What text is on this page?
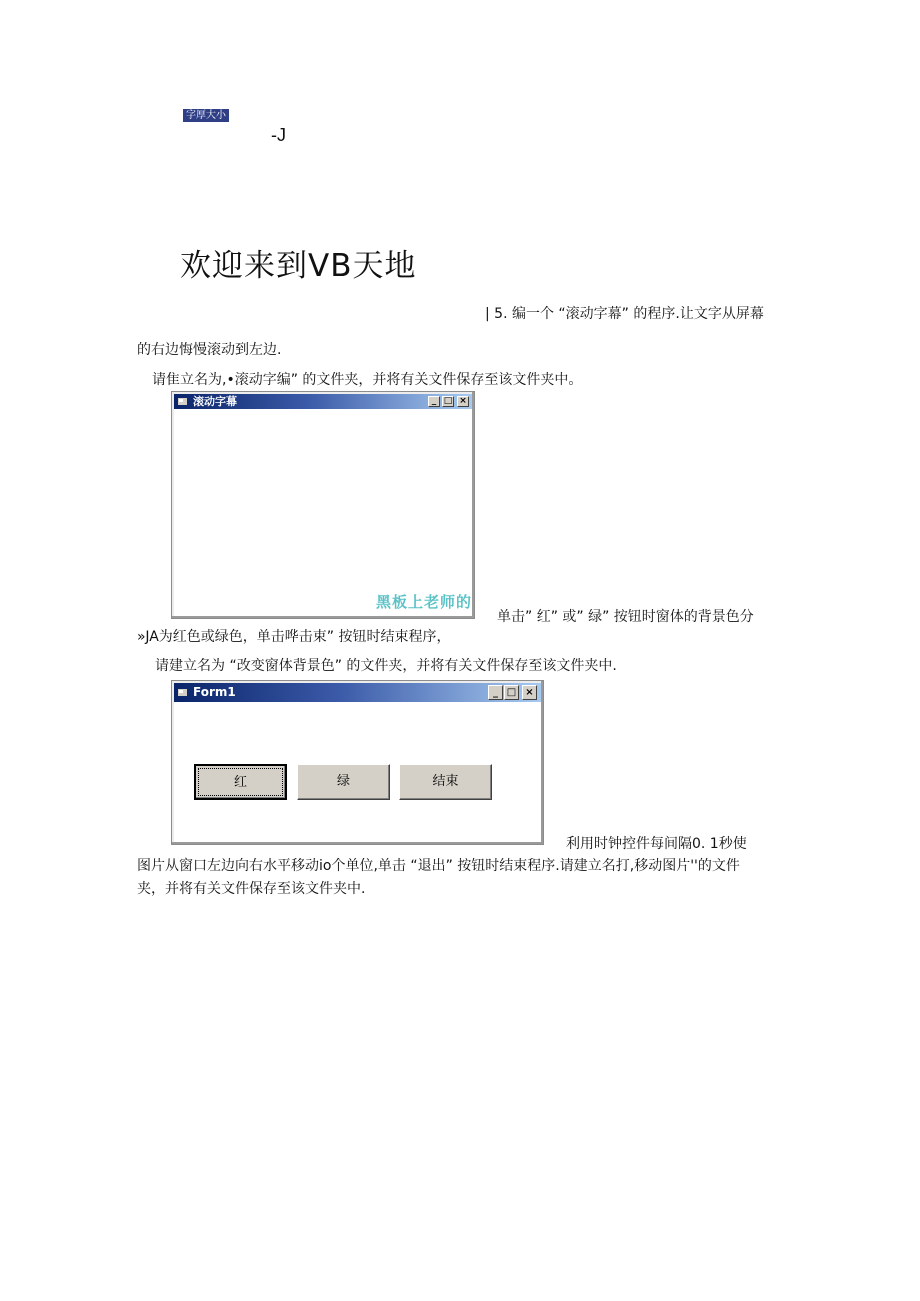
字厚大小
-J
欢迎来到VB天地
| 5. 编一个 “滚动字幕” 的程序.让文字从屏幕
的右边悔慢滚动到左边.
请隹立名为,•滚动字编” 的文件夹，并将有关文件保存至该文件夹中。
滚动字幕	_ □ ×
黑板上老师的
单击” 红” 或” 绿” 按钮时窗体的背景色分
»JA为红色或绿色，单击哗击束” 按钮时结束程序，
请建立名为 “改变窗体背景色” 的文件夹，并将有关文件保存至该文件夹中.
Form1	_ □ ×
红	绿	结束
利用时钟控件每间隔0. 1秒使
图片从窗口左边向右水平移动io个单位,单击 “退出” 按钮时结束程序.请建立名打,移动图片''的文件
夹，并将有关文件保存至该文件夹中.
